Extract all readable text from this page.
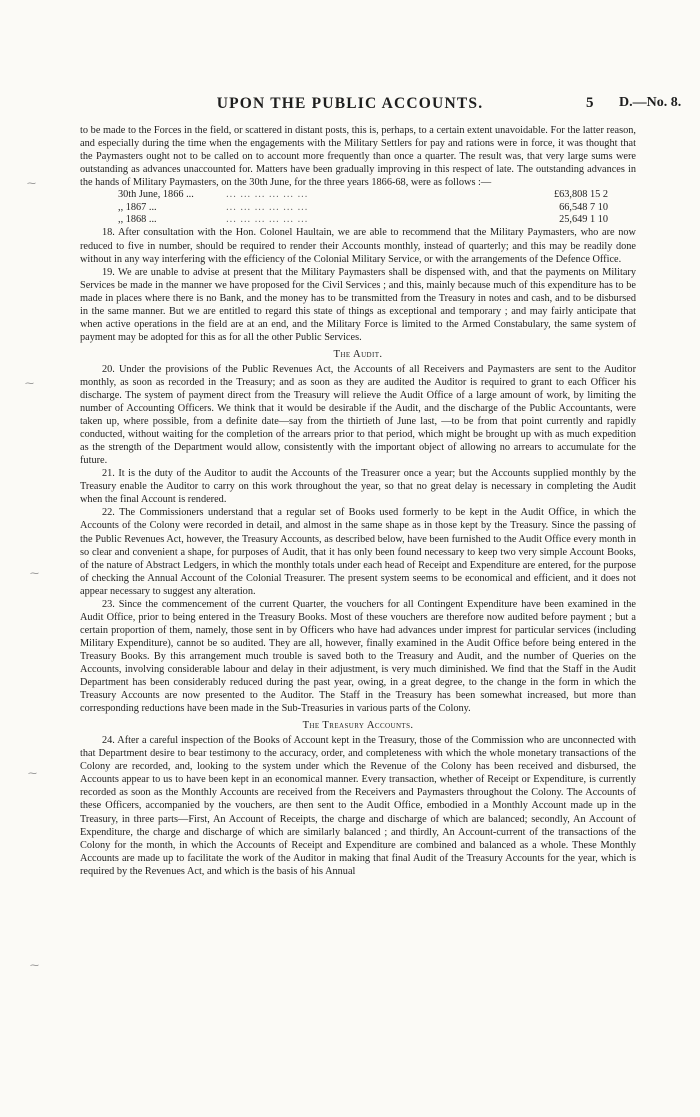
UPON THE PUBLIC ACCOUNTS.	5 D.—No. 8.
⁓
⁓
⁓
⁓
⁓

to be made to the Forces in the field, or scattered in distant posts, this is, perhaps, to a certain extent unavoidable. For the latter reason, and especially during the time when the engagements with the Military Settlers for pay and rations were in force, it was thought that the Paymasters ought not to be called on to account more frequently than once a quarter. The result was, that very large sums were outstanding as advances unaccounted for. Matters have been gradually improving in this respect of late. The outstanding advances in the hands of Military Paymasters, on the 30th June, for the three years 1866-68, were as follows :—

30th June, 1866 ...	... ... ... ... ... ...	£63,808 15 2
,, 1867 ...	... ... ... ... ... ...	66,548 7 10
,, 1868 ...	... ... ... ... ... ...	25,649 1 10

18. After consultation with the Hon. Colonel Haultain, we are able to recommend that the Military Paymasters, who are now reduced to five in number, should be required to render their Accounts monthly, instead of quarterly; and this may be readily done without in any way interfering with the efficiency of the Colonial Military Service, or with the arrangements of the Defence Office.

19. We are unable to advise at present that the Military Paymasters shall be dispensed with, and that the payments on Military Services be made in the manner we have proposed for the Civil Services ; and this, mainly because much of this expenditure has to be made in places where there is no Bank, and the money has to be transmitted from the Treasury in notes and cash, and to be disbursed in the same manner. But we are entitled to regard this state of things as exceptional and temporary ; and may fairly anticipate that when active operations in the field are at an end, and the Military Force is limited to the Armed Constabulary, the same system of payment may be adopted for this as for all the other Public Services.

The Audit.

20. Under the provisions of the Public Revenues Act, the Accounts of all Receivers and Paymasters are sent to the Auditor monthly, as soon as recorded in the Treasury; and as soon as they are audited the Auditor is required to grant to each Officer his discharge. The system of payment direct from the Treasury will relieve the Audit Office of a large amount of work, by limiting the number of Accounting Officers. We think that it would be desirable if the Audit, and the discharge of the Public Accountants, were taken up, where possible, from a definite date—say from the thirtieth of June last, —to be from that point currently and rapidly conducted, without waiting for the completion of the arrears prior to that period, which might be brought up with as much expedition as the strength of the Department would allow, consistently with the important object of allowing no arrears to accumulate for the future.

21. It is the duty of the Auditor to audit the Accounts of the Treasurer once a year; but the Accounts supplied monthly by the Treasury enable the Auditor to carry on this work throughout the year, so that no great delay is necessary in completing the Audit when the final Account is rendered.

22. The Commissioners understand that a regular set of Books used formerly to be kept in the Audit Office, in which the Accounts of the Colony were recorded in detail, and almost in the same shape as in those kept by the Treasury. Since the passing of the Public Revenues Act, however, the Treasury Accounts, as described below, have been furnished to the Audit Office every month in so clear and convenient a shape, for purposes of Audit, that it has only been found necessary to keep two very simple Account Books, of the nature of Abstract Ledgers, in which the monthly totals under each head of Receipt and Expenditure are entered, for the purpose of checking the Annual Account of the Colonial Treasurer. The present system seems to be economical and efficient, and it does not appear necessary to suggest any alteration.

23. Since the commencement of the current Quarter, the vouchers for all Contingent Expenditure have been examined in the Audit Office, prior to being entered in the Treasury Books. Most of these vouchers are therefore now audited before payment ; but a certain proportion of them, namely, those sent in by Officers who have had advances under imprest for particular services (including Military Expenditure), cannot be so audited. They are all, however, finally examined in the Audit Office before being entered in the Treasury Books. By this arrangement much trouble is saved both to the Treasury and Audit, and the number of Queries on the Accounts, involving considerable labour and delay in their adjustment, is very much diminished. We find that the Staff in the Audit Department has been considerably reduced during the past year, owing, in a great degree, to the change in the form in which the Treasury Accounts are now presented to the Auditor. The Staff in the Treasury has been somewhat increased, but more than corresponding reductions have been made in the Sub-Treasuries in various parts of the Colony.

The Treasury Accounts.

24. After a careful inspection of the Books of Account kept in the Treasury, those of the Commission who are unconnected with that Department desire to bear testimony to the accuracy, order, and completeness with which the whole monetary transactions of the Colony are recorded, and, looking to the system under which the Revenue of the Colony has been received and disbursed, the Accounts appear to us to have been kept in an economical manner. Every transaction, whether of Receipt or Expenditure, is currently recorded as soon as the Monthly Accounts are received from the Receivers and Paymasters throughout the Colony. The Accounts of these Officers, accompanied by the vouchers, are then sent to the Audit Office, embodied in a Monthly Account made up in the Treasury, in three parts—First, An Account of Receipts, the charge and discharge of which are balanced; secondly, An Account of Expenditure, the charge and discharge of which are similarly balanced ; and thirdly, An Account-current of the transactions of the Colony for the month, in which the Accounts of Receipt and Expenditure are combined and balanced as a whole. These Monthly Accounts are made up to facilitate the work of the Auditor in making that final Audit of the Treasury Accounts for the year, which is required by the Revenues Act, and which is the basis of his Annual
